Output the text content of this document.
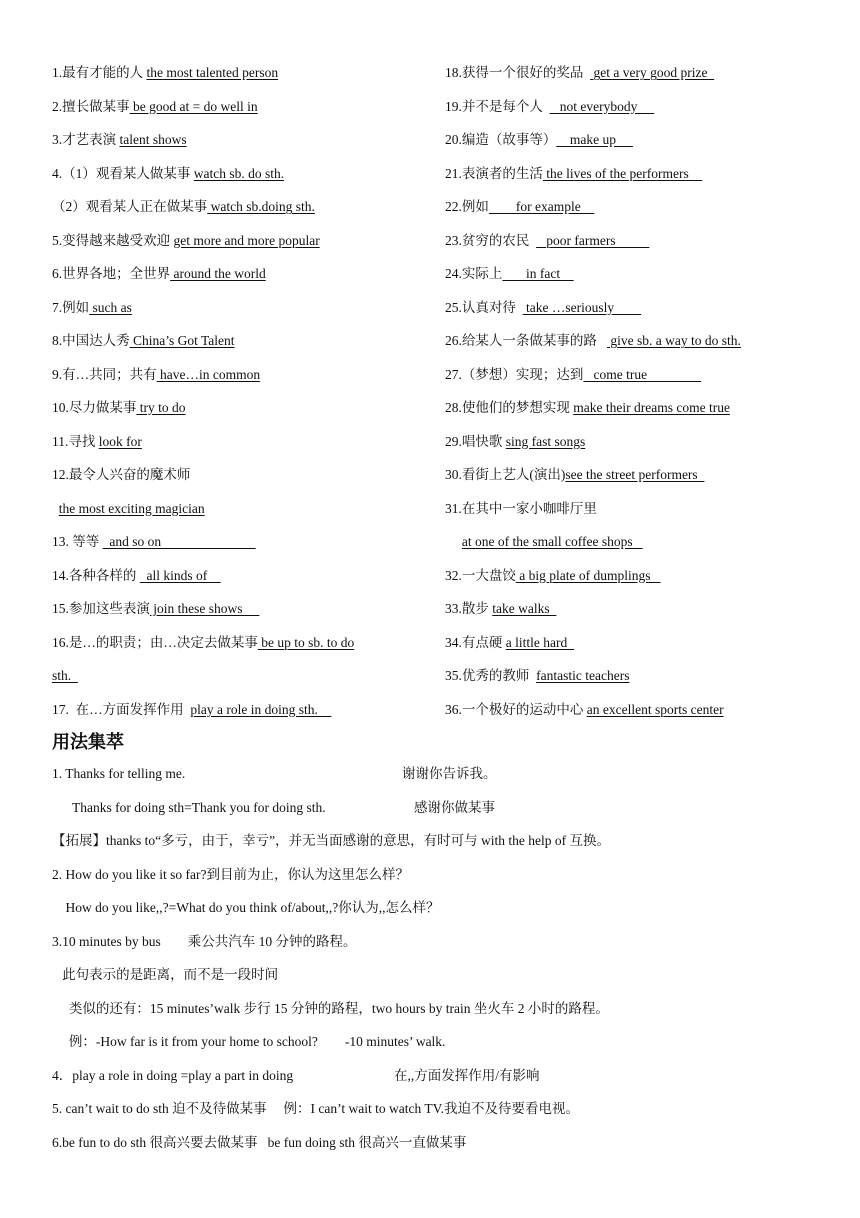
1.最有才能的人 the most talented person
2.擅长做某事 be good at = do well in
3.才艺表演 talent shows
4.（1）观看某人做某事 watch sb. do sth.
（2）观看某人正在做某事 watch sb.doing sth.
5.变得越来越受欢迎 get more and more popular
6.世界各地；全世界 around the world
7.例如 such as
8.中国达人秀 China’s Got Talent
9.有…共同；共有 have…in common
10.尽力做某事 try to do
11.寻找 look for
12.最令人兴奋的魔术师
the most exciting magician
13. 等等   and so on
14.各种各样的   all kinds of
15.参加这些表演 join these shows
16.是…的职责；由…决定去做某事 be up to sb. to do
sth.
17.  在…方面发挥作用  play a role in doing sth.
18.获得一个很好的奖品   get a very good prize
19.并不是每个人     not everybody
20.编造（故事等）    make up
21.表演者的生活 the lives of the performers
22.例如        for example
23.贫穷的农民     poor farmers
24.实际上       in fact
25.认真对待   take …seriously
26.给某人一条做某事的路    give sb. a way to do sth.
27.（梦想）实现；达到   come true
28.使他们的梦想实现 make their dreams come true
29.唱快歌 sing fast songs
30.看街上艺人(演出)see the street performers
31.在其中一家小咖啡厅里
at one of the small coffee shops
32.一大盘饺 a big plate of dumplings
33.散步 take walks
34.有点硬 a little hard
35.优秀的教师  fantastic teachers
36.一个极好的运动中心 an excellent sports center
用法集萃
1. Thanks for telling me.	谢谢你告诉我。
Thanks for doing sth=Thank you for doing sth.	感谢你做某事
【拓展】thanks to“多亏，由于，幸亏”，并无当面感谢的意思，有时可与 with the help of 互换。
2. How do you like it so far?到目前为止，你认为这里怎么样？
How do you like,,?=What do you think of/about,,?你认为,,怎么样？
3.10 minutes by bus        乘公共汽车 10 分钟的路程。
此句表示的是距离，而不是一段时间
类似的还有：15 minutes’walk 步行 15 分钟的路程，two hours by train 坐火车 2 小时的路程。
例：-How far is it from your home to school?        -10 minutes’ walk.
4．play a role in doing =play a part in doing	在,,方面发挥作用/有影响
5. can’t wait to do sth 迫不及待做某事     例：I can’t wait to watch TV.我迫不及待要看电视。
6.be fun to do sth 很高兴要去做某事   be fun doing sth 很高兴一直做某事
